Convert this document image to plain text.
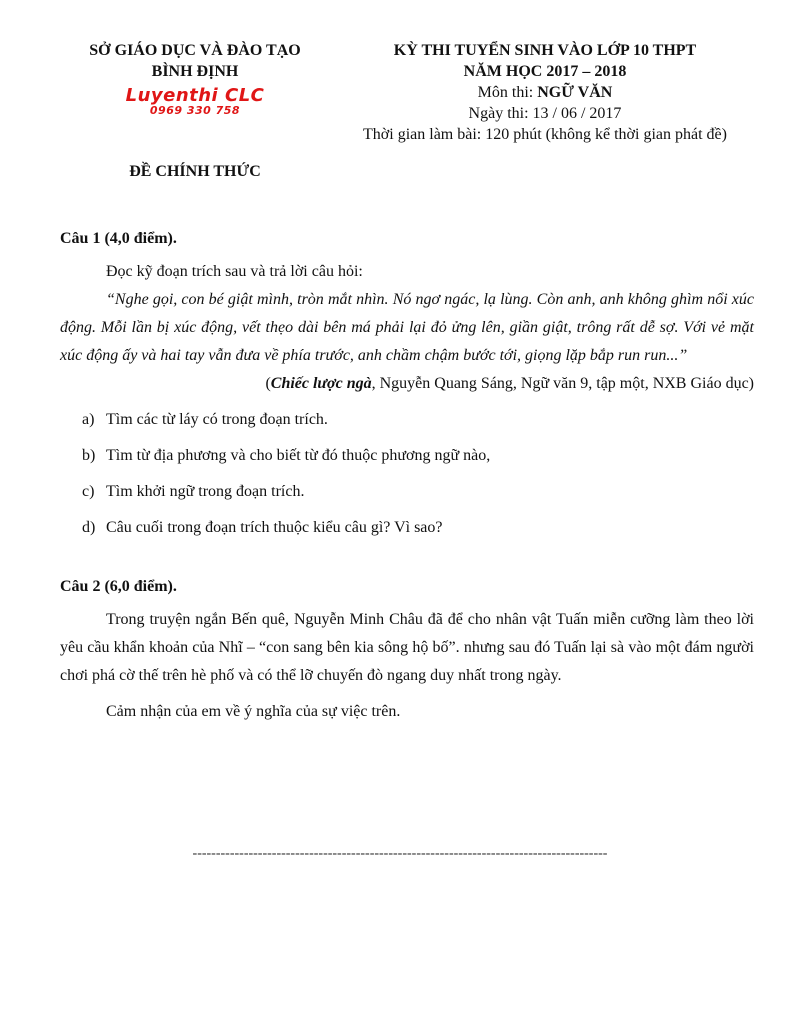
SỞ GIÁO DỤC VÀ ĐÀO TẠO
BÌNH ĐỊNH
Luyenthi CLC
0969 330 758
ĐỀ CHÍNH THỨC
KỲ THI TUYỂN SINH VÀO LỚP 10 THPT
NĂM HỌC 2017 – 2018
Môn thi: NGỮ VĂN
Ngày thi: 13 / 06 / 2017
Thời gian làm bài: 120 phút (không kể thời gian phát đề)
Câu 1 (4,0 điểm).

Đọc kỹ đoạn trích sau và trả lời câu hỏi:

“Nghe gọi, con bé giật mình, tròn mắt nhìn. Nó ngơ ngác, lạ lùng. Còn anh, anh không ghìm nổi xúc động. Mỗi lần bị xúc động, vết thẹo dài bên má phải lại đỏ ửng lên, giần giật, trông rất dễ sợ. Với vẻ mặt xúc động ấy và hai tay vẫn đưa về phía trước, anh chầm chậm bước tới, giọng lặp bắp run run...”

(Chiếc lược ngà, Nguyễn Quang Sáng, Ngữ văn 9, tập một, NXB Giáo dục)
a) Tìm các từ láy có trong đoạn trích.
b) Tìm từ địa phương và cho biết từ đó thuộc phương ngữ nào,
c) Tìm khởi ngữ trong đoạn trích.
d) Câu cuối trong đoạn trích thuộc kiểu câu gì? Vì sao?
Câu 2 (6,0 điểm).

Trong truyện ngắn Bến quê, Nguyễn Minh Châu đã để cho nhân vật Tuấn miễn cưỡng làm theo lời yêu cầu khẩn khoản của Nhĩ – “con sang bên kia sông hộ bố”. nhưng sau đó Tuấn lại sà vào một đám người chơi phá cờ thế trên hè phố và có thể lỡ chuyến đò ngang duy nhất trong ngày.

Cảm nhận của em về ý nghĩa của sự việc trên.

-----------------------------------------------------------------------------------------
